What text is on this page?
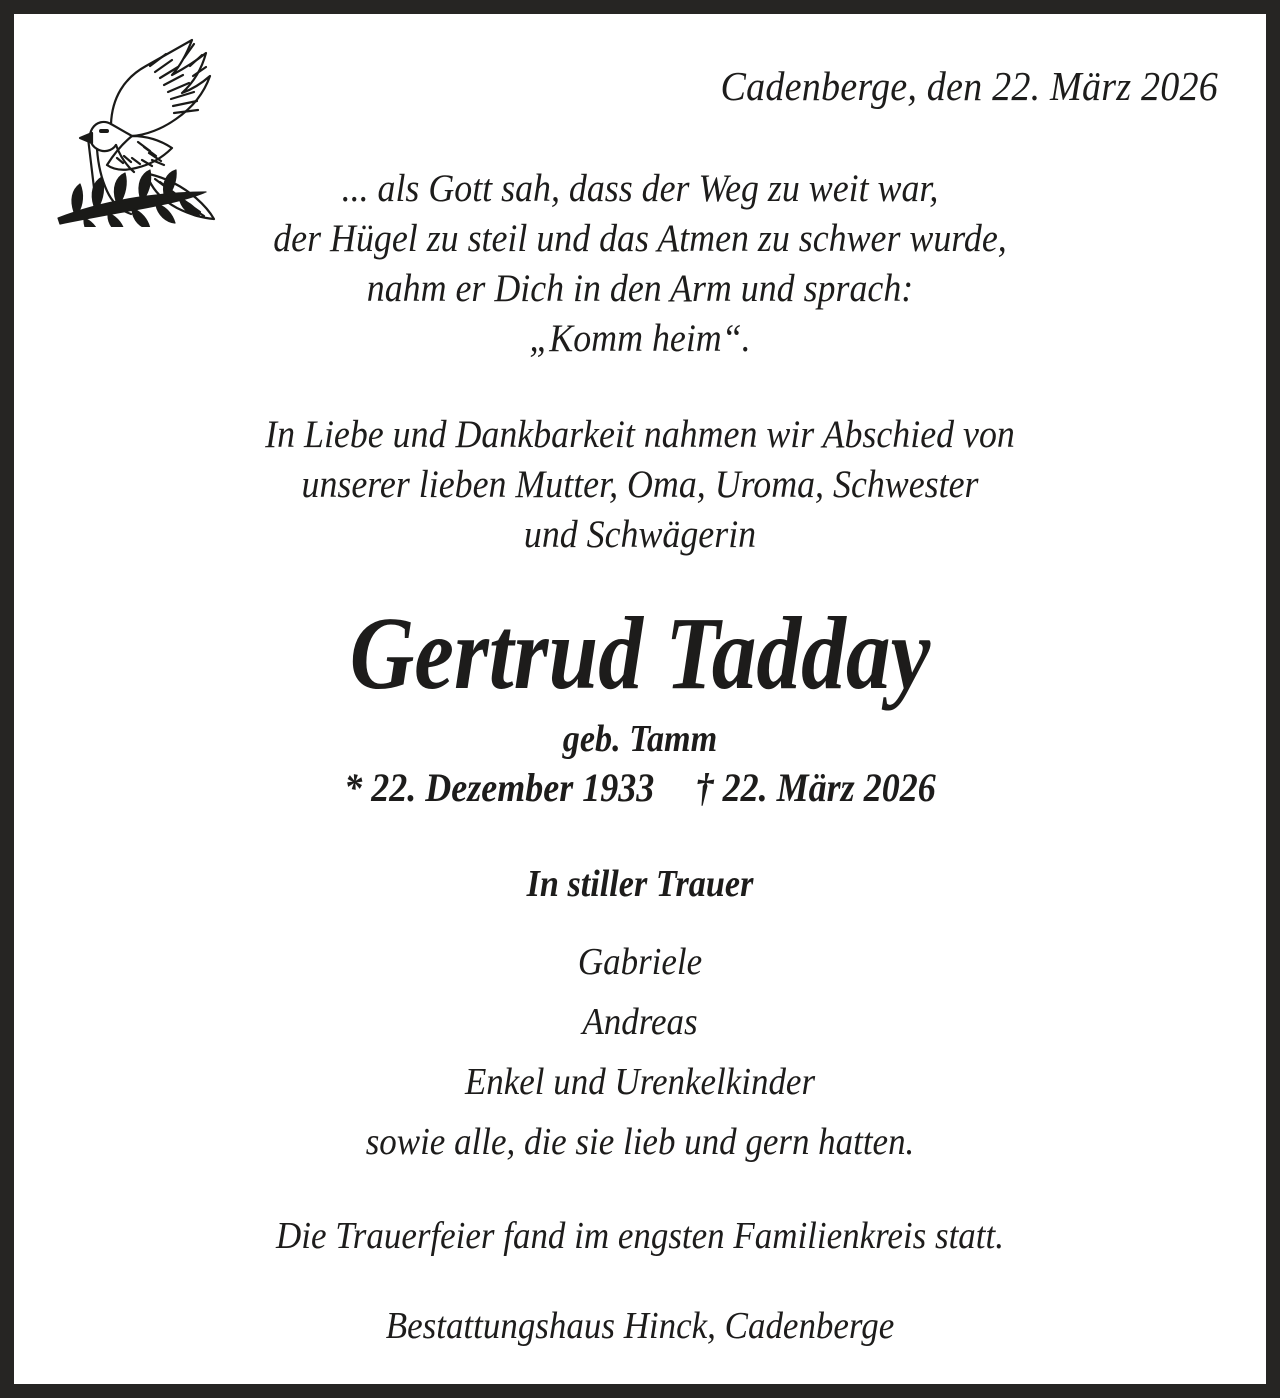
Cadenberge, den 22. März 2026
... als Gott sah, dass der Weg zu weit war,
der Hügel zu steil und das Atmen zu schwer wurde,
nahm er Dich in den Arm und sprach:
„Komm heim“.
In Liebe und Dankbarkeit nahmen wir Abschied von
unserer lieben Mutter, Oma, Uroma, Schwester
und Schwägerin
Gertrud Tadday
geb. Tamm
* 22. Dezember 1933 † 22. März 2026
In stiller Trauer
Gabriele
Andreas
Enkel und Urenkelkinder
sowie alle, die sie lieb und gern hatten.
Die Trauerfeier fand im engsten Familienkreis statt.
Bestattungshaus Hinck, Cadenberge
